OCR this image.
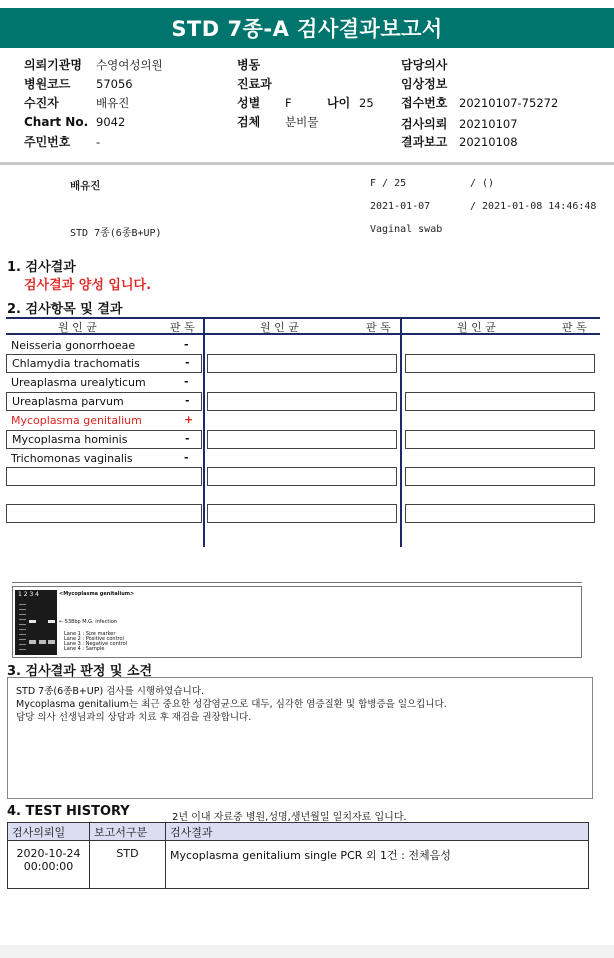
STD 7종-A 검사결과보고서
의뢰기관명 수영여성의원
병원코드 57056
수진자	배유진
Chart No. 9042
주민번호 -
병동
진료과
성별 F	나이 25
검체 분비물
담당의사
임상정보
접수번호 20210107-75272
검사의뢰 20210107
결과보고 20210108
배유진	F / 25	/ ()
2021-01-07	/ 2021-01-08 14:46:48
STD 7종(6종B+UP)	Vaginal swab
1. 검사결과
검사결과 양성 입니다.
2. 검사항목 및 결과
원 인 균	판 독	원 인 균	판 독	원 인 균	판 독
Neisseria gonorrhoeae	-
Chlamydia trachomatis	-
Ureaplasma urealyticum	-
Ureaplasma parvum	-
Mycoplasma genitalium	+
Mycoplasma hominis	-
Trichomonas vaginalis	-
1 2 3 4	<Mycoplasma genitalium>
← 538bp M.G. infection
Lane 1 : Size marker
Lane 2 : Positive control
Lane 3 : Negative control
Lane 4 : Sample
3. 검사결과 판정 및 소견
STD 7종(6종B+UP) 검사를 시행하였습니다.
Mycoplasma genitalium는 최근 중요한 성감염균으로 대두, 심각한 염증질환 및 합병증을 일으킵니다.
담당 의사 선생님과의 상담과 치료 후 재검을 권장합니다.
4. TEST HISTORY	2년 이내 자료중 병원,성명,생년월일 일치자료 입니다.
검사의뢰일	보고서구분	검사결과

2020-10-24
00:00:00	STD	Mycoplasma genitalium single PCR 외 1건 : 전체음성
